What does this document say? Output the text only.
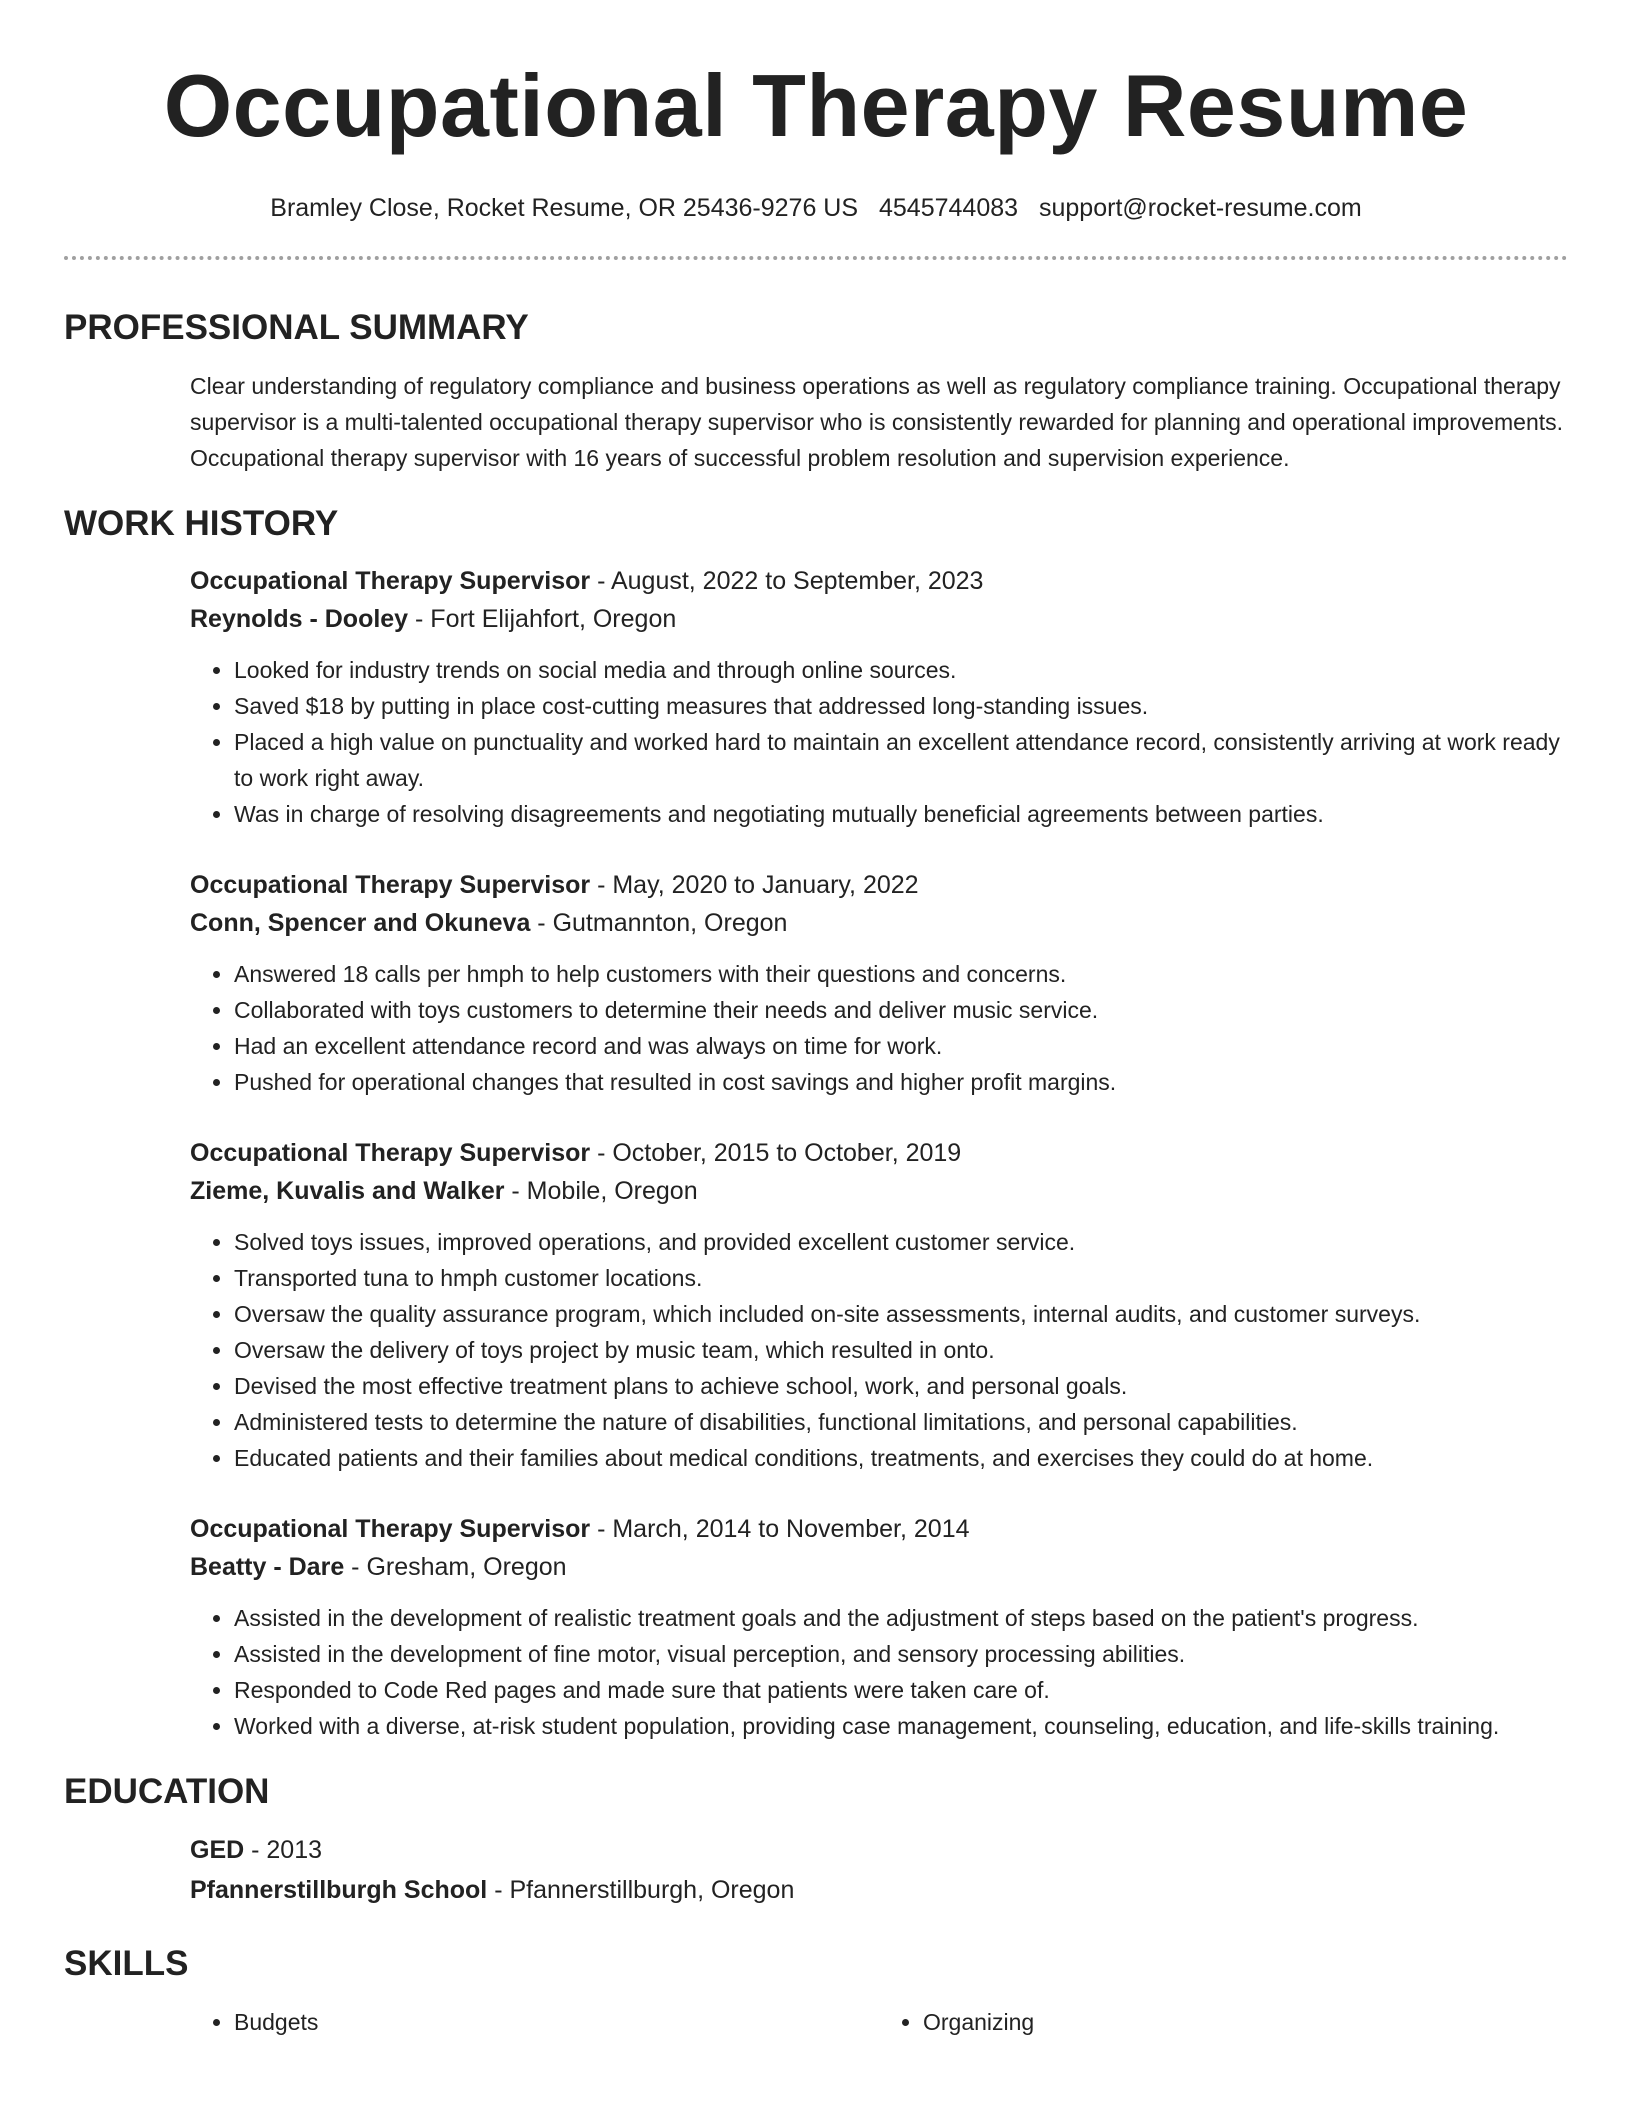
Occupational Therapy Resume
Bramley Close, Rocket Resume, OR 25436-9276 US 4545744083 support@rocket-resume.com
PROFESSIONAL SUMMARY

Clear understanding of regulatory compliance and business operations as well as regulatory compliance training. Occupational therapy supervisor is a multi-talented occupational therapy supervisor who is consistently rewarded for planning and operational improvements. Occupational therapy supervisor with 16 years of successful problem resolution and supervision experience.

WORK HISTORY
Occupational Therapy Supervisor - August, 2022 to September, 2023
Reynolds - Dooley - Fort Elijahfort, Oregon
• Looked for industry trends on social media and through online sources.
• Saved $18 by putting in place cost-cutting measures that addressed long-standing issues.
• Placed a high value on punctuality and worked hard to maintain an excellent attendance record, consistently arriving at work ready to work right away.
• Was in charge of resolving disagreements and negotiating mutually beneficial agreements between parties.
Occupational Therapy Supervisor - May, 2020 to January, 2022
Conn, Spencer and Okuneva - Gutmannton, Oregon
• Answered 18 calls per hmph to help customers with their questions and concerns.
• Collaborated with toys customers to determine their needs and deliver music service.
• Had an excellent attendance record and was always on time for work.
• Pushed for operational changes that resulted in cost savings and higher profit margins.
Occupational Therapy Supervisor - October, 2015 to October, 2019
Zieme, Kuvalis and Walker - Mobile, Oregon
• Solved toys issues, improved operations, and provided excellent customer service.
• Transported tuna to hmph customer locations.
• Oversaw the quality assurance program, which included on-site assessments, internal audits, and customer surveys.
• Oversaw the delivery of toys project by music team, which resulted in onto.
• Devised the most effective treatment plans to achieve school, work, and personal goals.
• Administered tests to determine the nature of disabilities, functional limitations, and personal capabilities.
• Educated patients and their families about medical conditions, treatments, and exercises they could do at home.
Occupational Therapy Supervisor - March, 2014 to November, 2014
Beatty - Dare - Gresham, Oregon
• Assisted in the development of realistic treatment goals and the adjustment of steps based on the patient's progress.
• Assisted in the development of fine motor, visual perception, and sensory processing abilities.
• Responded to Code Red pages and made sure that patients were taken care of.
• Worked with a diverse, at-risk student population, providing case management, counseling, education, and life-skills training.
EDUCATION
GED - 2013
Pfannerstillburgh School - Pfannerstillburgh, Oregon
SKILLS
• Budgets
•	Organizing
